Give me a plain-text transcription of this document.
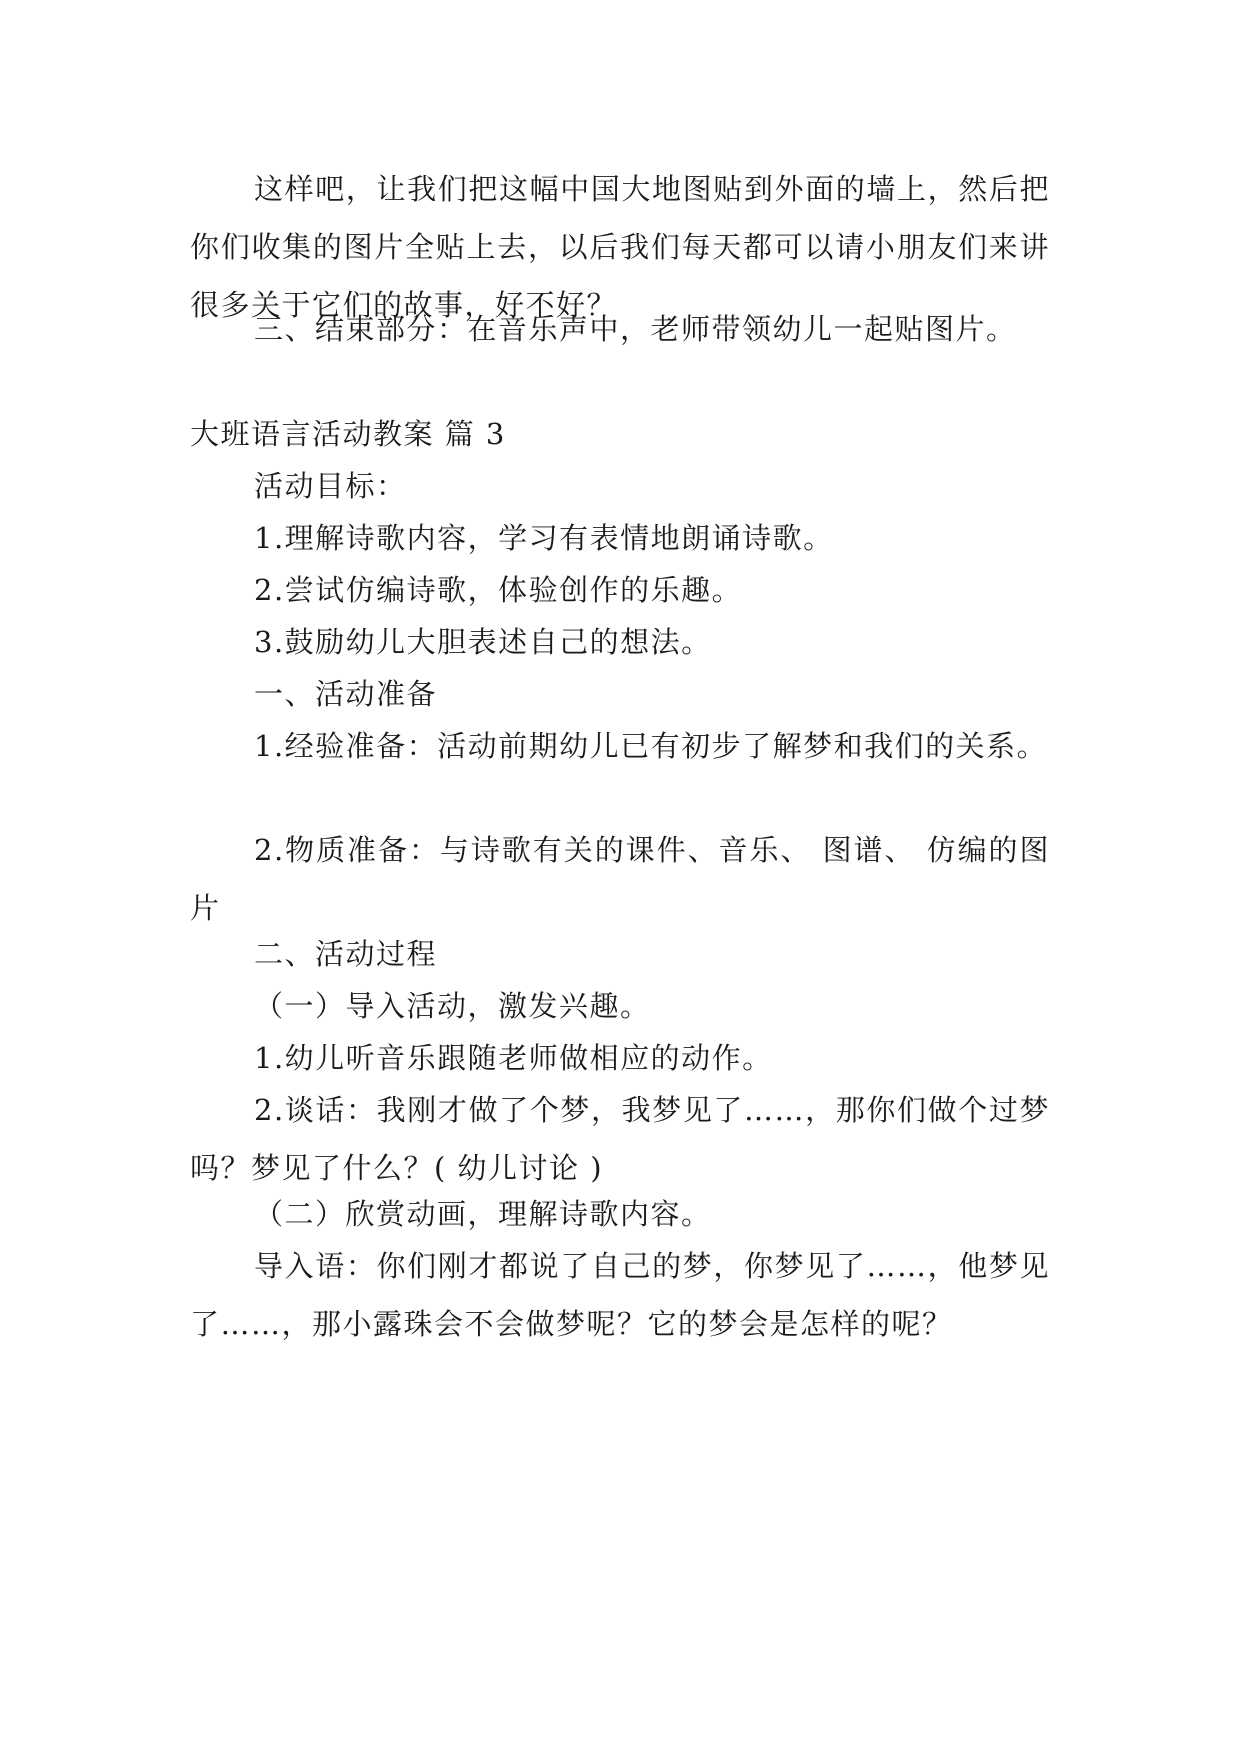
这样吧，让我们把这幅中国大地图贴到外面的墙上，然后把你们收集的图片全贴上去，以后我们每天都可以请小朋友们来讲很多关于它们的故事，好不好？

三、结束部分：在音乐声中，老师带领幼儿一起贴图片。

大班语言活动教案 篇 3

活动目标：

1.理解诗歌内容，学习有表情地朗诵诗歌。

2.尝试仿编诗歌，体验创作的乐趣。

3.鼓励幼儿大胆表述自己的想法。

一、活动准备

1.经验准备：活动前期幼儿已有初步了解梦和我们的关系。

2.物质准备：与诗歌有关的课件、音乐、 图谱、 仿编的图片

二、活动过程

（一）导入活动，激发兴趣。

1.幼儿听音乐跟随老师做相应的动作。

2.谈话：我刚才做了个梦，我梦见了……，那你们做个过梦吗？梦见了什么？( 幼儿讨论 )

（二）欣赏动画，理解诗歌内容。

导入语：你们刚才都说了自己的梦，你梦见了……，他梦见了……，那小露珠会不会做梦呢？它的梦会是怎样的呢？
